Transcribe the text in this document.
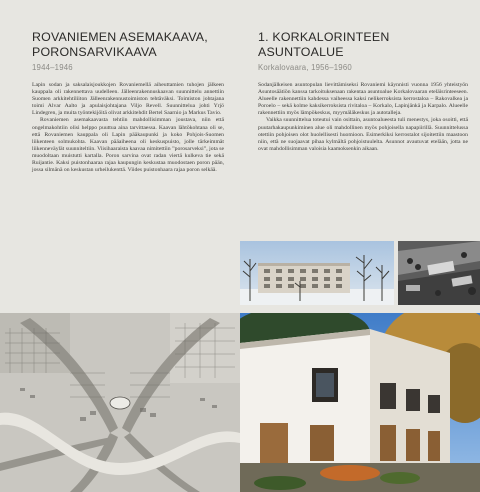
ROVANIEMEN ASEMAKAAVA,
PORONSARVIKAAVA
1944–1946

Lapin sodan ja saksalaisjoukkojen Rovaniemellä aiheuttamien tuhojen jälkeen kauppala oli rakennettava uudelleen. Jälleenrakennuskaavan suunnittelu annettiin Suomen arkkitehtiliiton Jälleenrakennustoimiston tehtäväksi. Toimiston johtajana toimi Alvar Aalto ja apulaisjohtajana Viljo Revell. Suunnittelua johti Yrjö Lindegren, ja muita työntekijöitä olivat arkkitehdit Bertel Saarnio ja Markus Tavio.

Rovaniemen asemakaavasta tehtiin mahdollisimman joustava, niin että ongelmakohtiin olisi helppo puuttua aina tarvittaessa. Kaavan lähtökohtana oli se, että Rovaniemen kauppala oli Lapin pääkaupunki ja koko Pohjois-Suomen liikenteen solmukohta. Kaavan pääaiheena oli keskuspuisto, jolle tärkeimmät liikenneväylät suunniteltiin. Viisihaaraista kaavaa nimitettiin ”porosarveksi”, jota se muodoltaan muistutti kartalla. Poron sarvina ovat radan viertä kulkeva tie sekä Ruijantie. Kaksi puistonhaaraa rajaa kaupungin keskustaa muodostaen poron pään, jossa silmänä on keskustan urheilukenttä. Viides puistonhaara rajaa poron selkää.

1. KORKALORINTEEN
ASUNTOALUE
Korkalovaara, 1956–1960

Sodanjälkeisen asuntopulan lievittämiseksi Rovaniemi käynnisti vuonna 1956 yhteistyön Asuntosäätiön kanssa tarkoituksenaan rakentaa asuntoalue Korkalovaaran eteläisrinteeseen. Alueelle rakennettiin kahdessa vaiheessa kaksi nelikerroksista kerrostaloa – Rakovalkea ja Poroelo – sekä kolme kaksikerroksista rivitaloa – Korkalo, Lapinjänkä ja Karpalo. Alueelle rakennettiin myös lämpökeskus, myymäläkeskus ja autotalleja.

Vaikka suunnittelua toteutui vain osittain, asuntoalueesta tuli menestys, joka osoitti, että puutarhakaupunkiminen alue oli mahdollinen myös pohjoisella napapiirillä. Suunnittelussa otettiin pohjoisen olot huolellisesti huomioon. Esimerkiksi kerrostalot sijoitettiin maastoon niin, että ne suojaavat pihaa kylmältä pohjoistuulelta. Asunnot avautuvat etelään, jotta ne ovat mahdollisimman valoisia kaamoksenkin aikaan.
